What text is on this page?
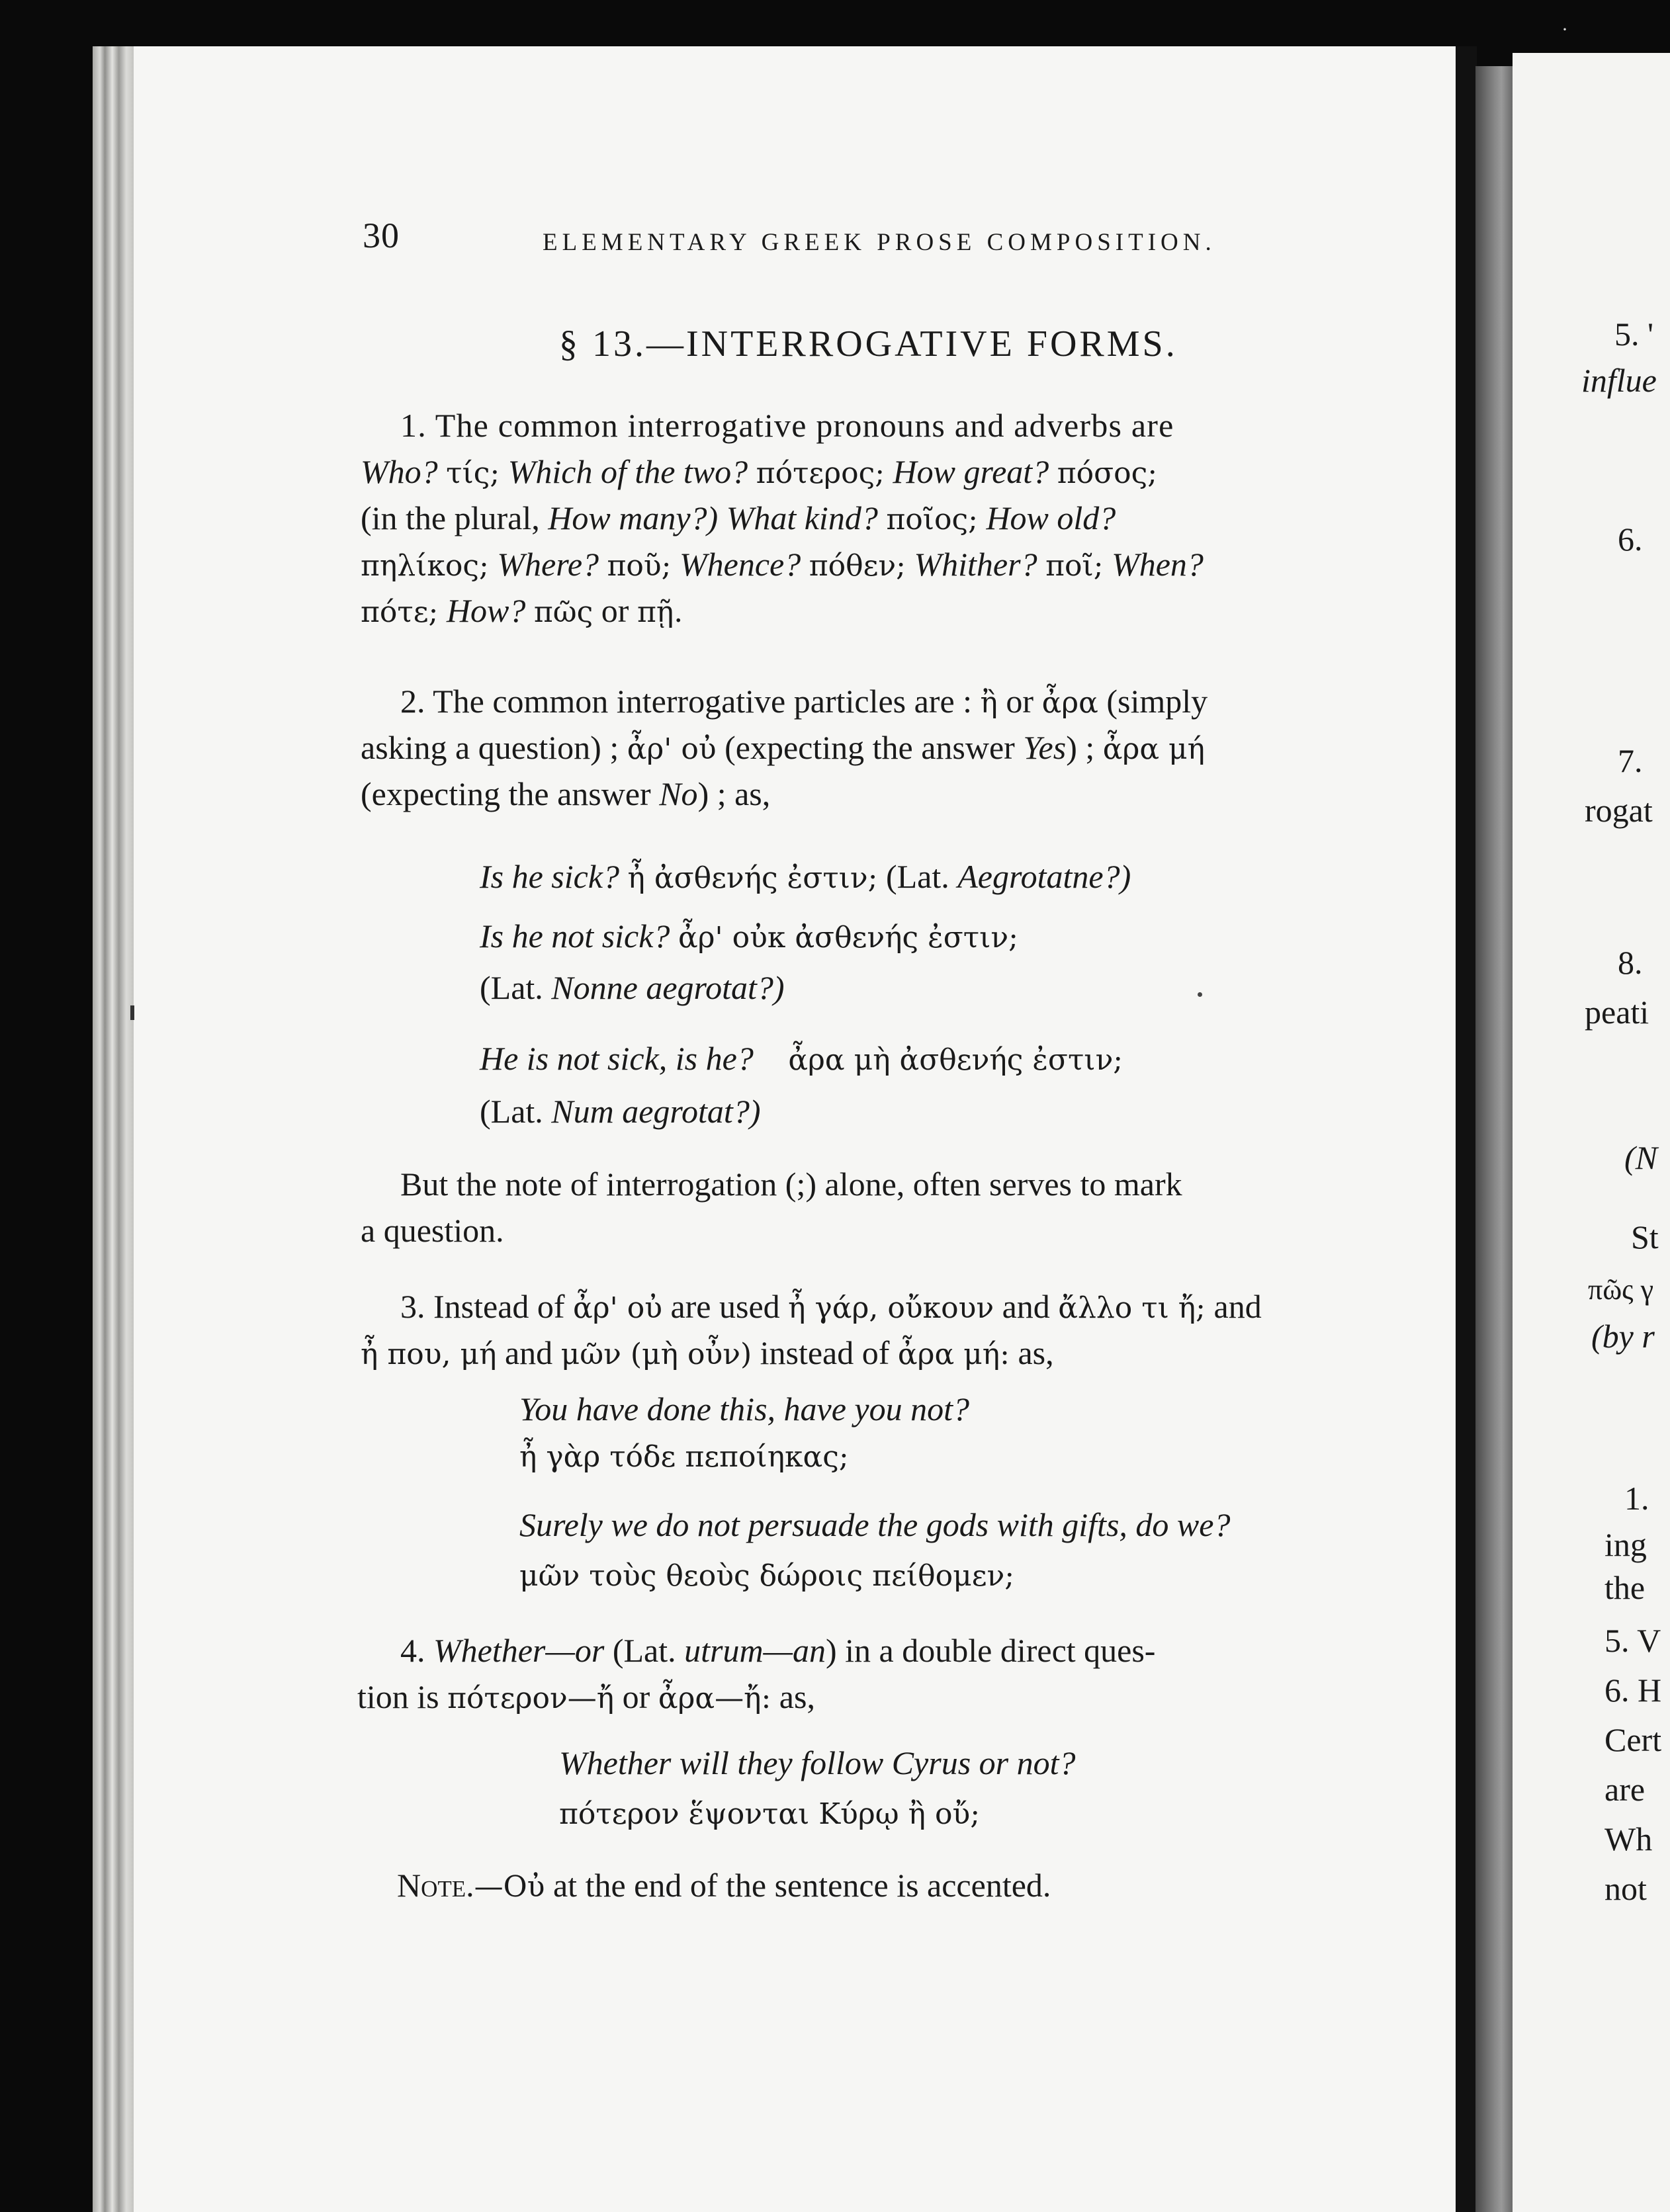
·
30	ELEMENTARY GREEK PROSE COMPOSITION.
§ 13.—INTERROGATIVE FORMS.
1. The common interrogative pronouns and adverbs are
Who? τίς; Which of the two? πότερος; How great? πόσος;
(in the plural, How many?) What kind? ποῖος; How old?
πηλίκος; Where? ποῦ; Whence? πόθεν; Whither? ποῖ; When?
πότε; How? πῶς or πῇ.
2. The common interrogative particles are : ἢ or ἆρα (simply
asking a question) ; ἆρ' οὐ (expecting the answer Yes) ; ἆρα μή
(expecting the answer No) ; as,
Is he sick? ἦ ἀσθενής ἐστιν; (Lat. Aegrotatne?)
Is he not sick? ἆρ' οὐκ ἀσθενής ἐστιν;
(Lat. Nonne aegrotat?)
He is not sick, is he? ἆρα μὴ ἀσθενής ἐστιν;
(Lat. Num aegrotat?)
But the note of interrogation (;) alone, often serves to mark
a question.
3. Instead of ἆρ' οὐ are used ἦ γάρ, οὔκουν and ἄλλο τι ἤ; and
ἦ που, μή and μῶν (μὴ οὖν) instead of ἆρα μή: as,
You have done this, have you not?
ἦ γὰρ τόδε πεποίηκας;
Surely we do not persuade the gods with gifts, do we?
μῶν τοὺς θεοὺς δώροις πείθομεν;
4. Whether—or (Lat. utrum—an) in a double direct ques-
tion is πότερον—ἤ or ἆρα—ἤ: as,
Whether will they follow Cyrus or not?
πότερον ἕψονται Κύρῳ ἢ οὔ;
Note.—Οὐ at the end of the sentence is accented.
5. '
influe
6.
7.
rogat
8.
peati
(N
St
πῶς γ
(by r
1.
ing
the
5. V
6. H
Cert
are
Wh
not
